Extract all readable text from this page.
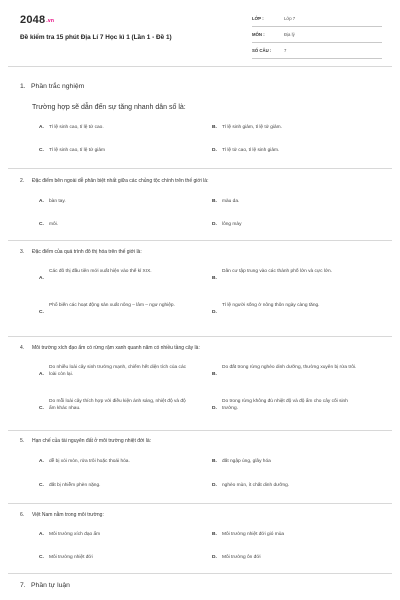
2048.vn
Đề kiểm tra 15 phút Địa Lí 7 Học kì 1 (Lần 1 - Đề 1)
LỚP :	Lớp 7
MÔN :	Địa lý
SỐ CÂU :	7
1. Phần trắc nghiệm
Trường hợp sẽ dẫn đến sự tăng nhanh dân số là:
A. Tỉ lệ sinh cao, tỉ lệ tử cao.	B. Tỉ lệ sinh giảm, tỉ lệ tử giảm.
C. Tỉ lệ sinh cao, tỉ lệ tử giảm	D. Tỉ lệ tử cao, tỉ lệ sinh giảm.
2. Đặc điểm bên ngoài dễ phân biệt nhất giữa các chủng tộc chính trên thế giới là:
A. bàn tay.	B. màu da.
C. môi.	D. lông mày
3. Đặc điểm của quá trình đô thị hóa trên thế giới là:
A.
Các đô thị đầu tiên mới xuất hiện vào thế kỉ XIX.
B.
Dân cư tập trung vào các thành phố lớn và cực lớn.
C.
Phổ biến các hoạt động sản xuất nông – lâm – ngư nghiệp.
D.
Tỉ lệ người sống ở nông thôn ngày càng tăng.
4. Môi trường xích đạo ẩm có rừng rậm xanh quanh năm có nhiều tầng cây là:
A.
Do nhiều loài cây sinh trưởng mạnh, chiếm hết diện tích của các loài còn lại.	B.
Do đất trong rừng nghèo dinh dưỡng, thường xuyên bị rửa trôi.
C.
Do mỗi loài cây thích hợp với điều kiện ánh sáng, nhiệt độ và độ ẩm khác nhau.	D.
Do trong rừng không đủ nhiệt độ và độ ẩm cho cây cối sinh trưởng.
5. Hạn chế của tài nguyên đất ở môi trường nhiệt đới là:
A. dễ bị xói mòn, rửa trôi hoặc thoái hóa.	B. đất ngập úng, glây hóa
C. đất bị nhiễm phèn nặng.	D. nghèo mùn, ít chất dinh dưỡng.
6. Việt Nam nằm trong môi trường:
A. Môi trường xích đạo ẩm	B. Môi trường nhiệt đới gió mùa
C. Môi trường nhiệt đới	D. Môi trường ôn đới
7. Phần tự luận
